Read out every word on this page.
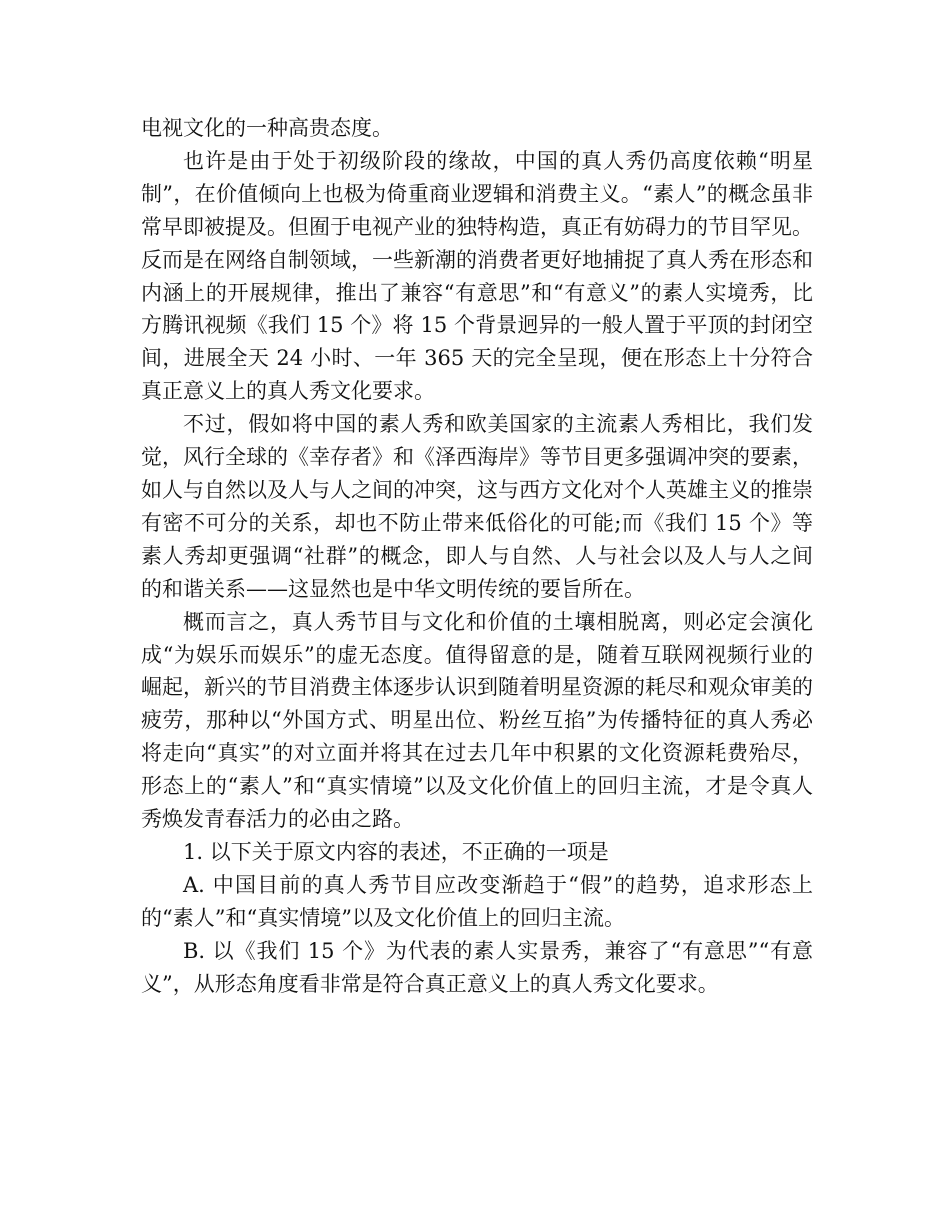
电视文化的一种高贵态度。

也许是由于处于初级阶段的缘故，中国的真人秀仍高度依赖“明星制”，在价值倾向上也极为倚重商业逻辑和消费主义。“素人”的概念虽非常早即被提及。但囿于电视产业的独特构造，真正有妨碍力的节目罕见。反而是在网络自制领域，一些新潮的消费者更好地捕捉了真人秀在形态和内涵上的开展规律，推出了兼容“有意思”和“有意义”的素人实境秀，比方腾讯视频《我们 15 个》将 15 个背景迥异的一般人置于平顶的封闭空间，进展全天 24 小时、一年 365 天的完全呈现，便在形态上十分符合真正意义上的真人秀文化要求。

不过，假如将中国的素人秀和欧美国家的主流素人秀相比，我们发觉，风行全球的《幸存者》和《泽西海岸》等节目更多强调冲突的要素，如人与自然以及人与人之间的冲突，这与西方文化对个人英雄主义的推崇有密不可分的关系，却也不防止带来低俗化的可能;而《我们 15 个》等素人秀却更强调“社群”的概念，即人与自然、人与社会以及人与人之间的和谐关系——这显然也是中华文明传统的要旨所在。

概而言之，真人秀节目与文化和价值的土壤相脱离，则必定会演化成“为娱乐而娱乐”的虚无态度。值得留意的是，随着互联网视频行业的崛起，新兴的节目消费主体逐步认识到随着明星资源的耗尽和观众审美的疲劳，那种以“外国方式、明星出位、粉丝互掐”为传播特征的真人秀必将走向“真实”的对立面并将其在过去几年中积累的文化资源耗费殆尽，形态上的“素人”和“真实情境”以及文化价值上的回归主流，才是令真人秀焕发青春活力的必由之路。

1. 以下关于原文内容的表述，不正确的一项是

A. 中国目前的真人秀节目应改变渐趋于“假”的趋势，追求形态上的“素人”和“真实情境”以及文化价值上的回归主流。

B. 以《我们 15 个》为代表的素人实景秀，兼容了“有意思”“有意义”，从形态角度看非常是符合真正意义上的真人秀文化要求。
